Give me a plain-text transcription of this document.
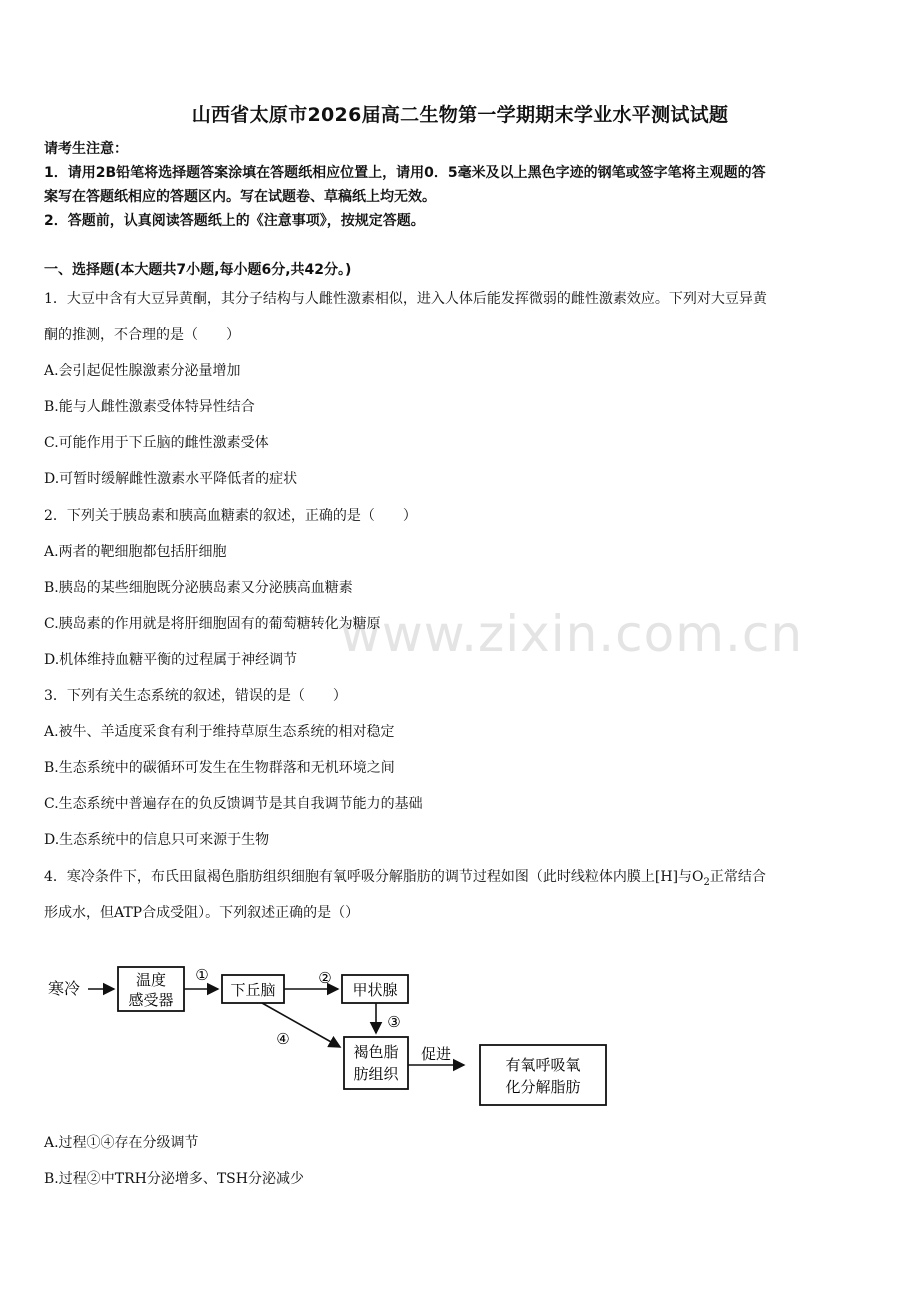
www.zixin.com.cn
山西省太原市2026届高二生物第一学期期末学业水平测试试题
请考生注意：
1．请用2B铅笔将选择题答案涂填在答题纸相应位置上，请用0．5毫米及以上黑色字迹的钢笔或签字笔将主观题的答
案写在答题纸相应的答题区内。写在试题卷、草稿纸上均无效。
2．答题前，认真阅读答题纸上的《注意事项》，按规定答题。
一、选择题(本大题共7小题,每小题6分,共42分。)
1．大豆中含有大豆异黄酮，其分子结构与人雌性激素相似，进入人体后能发挥微弱的雌性激素效应。下列对大豆异黄
酮的推测，不合理的是（　　）
A.会引起促性腺激素分泌量增加
B.能与人雌性激素受体特异性结合
C.可能作用于下丘脑的雌性激素受体
D.可暂时缓解雌性激素水平降低者的症状
2．下列关于胰岛素和胰高血糖素的叙述，正确的是（　　）
A.两者的靶细胞都包括肝细胞
B.胰岛的某些细胞既分泌胰岛素又分泌胰高血糖素
C.胰岛素的作用就是将肝细胞固有的葡萄糖转化为糖原
D.机体维持血糖平衡的过程属于神经调节
3．下列有关生态系统的叙述，错误的是（　　）
A.被牛、羊适度采食有利于维持草原生态系统的相对稳定
B.生态系统中的碳循环可发生在生物群落和无机环境之间
C.生态系统中普遍存在的负反馈调节是其自我调节能力的基础
D.生态系统中的信息只可来源于生物
4．寒冷条件下，布氏田鼠褐色脂肪组织细胞有氧呼吸分解脂肪的调节过程如图（此时线粒体内膜上[H]与$O_2$正常结合
形成水，但ATP合成受阻）。下列叙述正确的是（）
寒冷	温度
感受器
①
下丘脑
②
甲状腺
③
④
褐色脂
肪组织
促进
有氧呼吸氧
化分解脂肪
A.过程①④存在分级调节
B.过程②中TRH分泌增多、TSH分泌减少
